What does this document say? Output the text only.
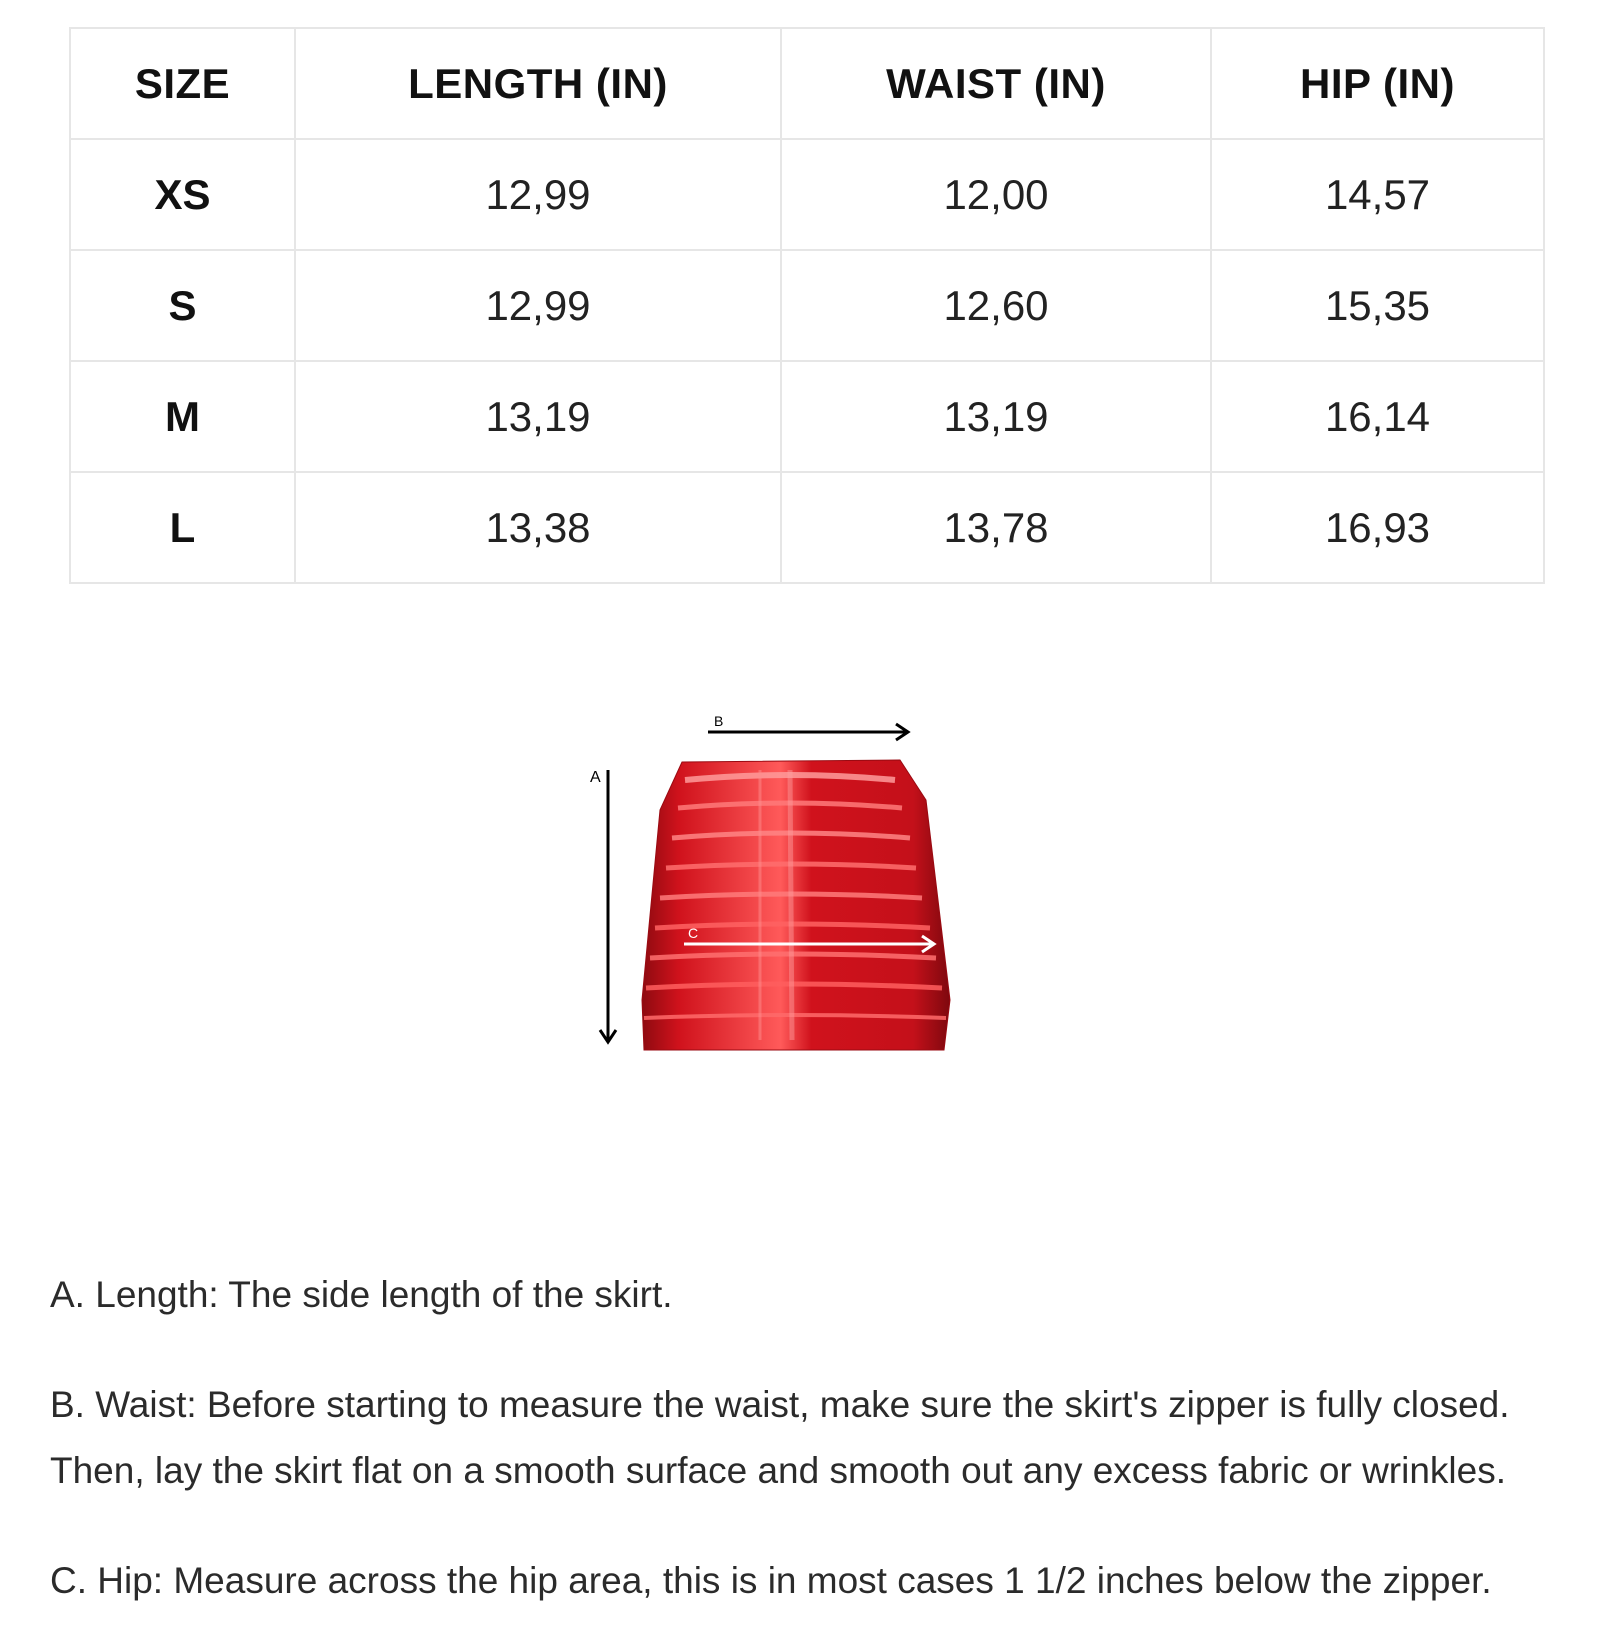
SIZE	LENGTH (IN)	WAIST (IN)	HIP (IN)
XS	12,99	12,00	14,57
S	12,99	12,60	15,35
M	13,19	13,19	16,14
L	13,38	13,78	16,93
A
B
C

A. Length: The side length of the skirt.

B. Waist: Before starting to measure the waist, make sure the skirt's zipper is fully closed. Then, lay the skirt flat on a smooth surface and smooth out any excess fabric or wrinkles.

C. Hip: Measure across the hip area, this is in most cases 1 1/2 inches below the zipper.
